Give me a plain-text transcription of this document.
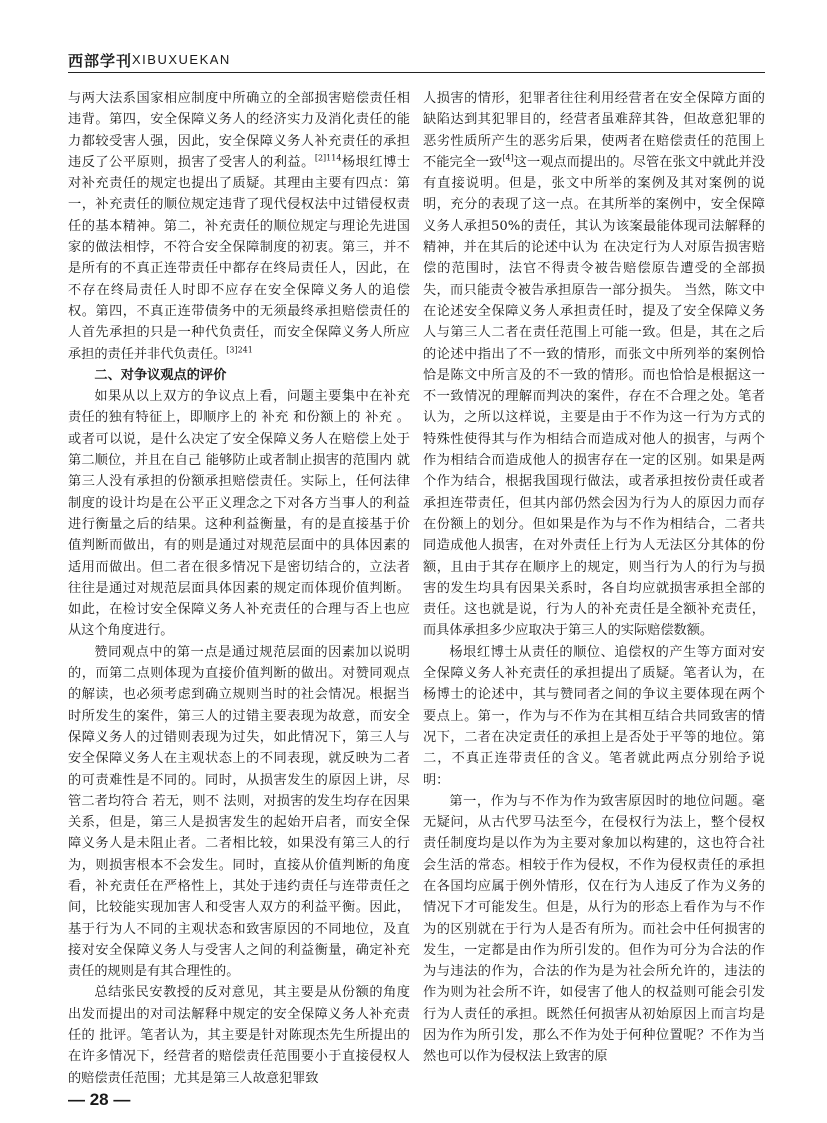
西部学刊 XIBUXUEKAN

与两大法系国家相应制度中所确立的全部损害赔偿责任相违背。第四，安全保障义务人的经济实力及消化责任的能力都较受害人强，因此，安全保障义务人补充责任的承担违反了公平原则，损害了受害人的利益。$^{[2]114}$杨垠红博士对补充责任的规定也提出了质疑。其理由主要有四点：第一，补充责任的顺位规定违背了现代侵权法中过错侵权责任的基本精神。第二，补充责任的顺位规定与理论先进国家的做法相悖，不符合安全保障制度的初衷。第三，并不是所有的不真正连带责任中都存在终局责任人，因此，在不存在终局责任人时即不应存在安全保障义务人的追偿权。第四，不真正连带债务中的无须最终承担赔偿责任的人首先承担的只是一种代负责任，而安全保障义务人所应承担的责任并非代负责任。$^{[3]241}$

二、对争议观点的评价

如果从以上双方的争议点上看，问题主要集中在补充责任的独有特征上，即顺序上的 补充 和份额上的 补充 。或者可以说，是什么决定了安全保障义务人在赔偿上处于第二顺位，并且在自己 能够防止或者制止损害的范围内 就第三人没有承担的份额承担赔偿责任。实际上，任何法律制度的设计均是在公平正义理念之下对各方当事人的利益进行衡量之后的结果。这种利益衡量，有的是直接基于价值判断而做出，有的则是通过对规范层面中的具体因素的适用而做出。但二者在很多情况下是密切结合的，立法者往往是通过对规范层面具体因素的规定而体现价值判断。如此，在检讨安全保障义务人补充责任的合理与否上也应从这个角度进行。

赞同观点中的第一点是通过规范层面的因素加以说明的，而第二点则体现为直接价值判断的做出。对赞同观点的解读，也必须考虑到确立规则当时的社会情况。根据当时所发生的案件，第三人的过错主要表现为故意，而安全保障义务人的过错则表现为过失，如此情况下，第三人与安全保障义务人在主观状态上的不同表现，就反映为二者的可责难性是不同的。同时，从损害发生的原因上讲，尽管二者均符合 若无，则不 法则，对损害的发生均存在因果关系，但是，第三人是损害发生的起始开启者，而安全保障义务人是未阻止者。二者相比较，如果没有第三人的行为，则损害根本不会发生。同时，直接从价值判断的角度看，补充责任在严格性上，其处于违约责任与连带责任之间，比较能实现加害人和受害人双方的利益平衡。因此，基于行为人不同的主观状态和致害原因的不同地位，及直接对安全保障义务人与受害人之间的利益衡量，确定补充责任的规则是有其合理性的。

总结张民安教授的反对意见，其主要是从份额的角度出发而提出的对司法解释中规定的安全保障义务人补充责任的 批评。笔者认为，其主要是针对陈现杰先生所提出的 在许多情况下，经营者的赔偿责任范围要小于直接侵权人的赔偿责任范围；尤其是第三人故意犯罪致

人损害的情形，犯罪者往往利用经营者在安全保障方面的缺陷达到其犯罪目的，经营者虽难辞其咎，但故意犯罪的恶劣性质所产生的恶劣后果，使两者在赔偿责任的范围上不能完全一致[4]这一观点而提出的。尽管在张文中就此并没有直接说明。但是，张文中所举的案例及其对案例的说明，充分的表现了这一点。在其所举的案例中，安全保障义务人承担50%的责任，其认为该案最能体现司法解释的精神，并在其后的论述中认为 在决定行为人对原告损害赔偿的范围时，法官不得责令被告赔偿原告遭受的全部损失，而只能责令被告承担原告一部分损失。 当然，陈文中在论述安全保障义务人承担责任时，提及了安全保障义务人与第三人二者在责任范围上可能一致。但是，其在之后的论述中指出了不一致的情形，而张文中所列举的案例恰恰是陈文中所言及的不一致的情形。而也恰恰是根据这一不一致情况的理解而判决的案件，存在不合理之处。笔者认为，之所以这样说，主要是由于不作为这一行为方式的特殊性使得其与作为相结合而造成对他人的损害，与两个作为相结合而造成他人的损害存在一定的区别。如果是两个作为结合，根据我国现行做法，或者承担按份责任或者承担连带责任，但其内部仍然会因为行为人的原因力而存在份额上的划分。但如果是作为与不作为相结合，二者共同造成他人损害，在对外责任上行为人无法区分其体的份额，且由于其存在顺序上的规定，则当行为人的行为与损害的发生均具有因果关系时，各自均应就损害承担全部的责任。这也就是说，行为人的补充责任是全额补充责任，而具体承担多少应取决于第三人的实际赔偿数额。

杨垠红博士从责任的顺位、追偿权的产生等方面对安全保障义务人补充责任的承担提出了质疑。笔者认为，在杨博士的论述中，其与赞同者之间的争议主要体现在两个要点上。第一，作为与不作为在其相互结合共同致害的情况下，二者在决定责任的承担上是否处于平等的地位。第二，不真正连带责任的含义。笔者就此两点分别给予说明：

第一，作为与不作为作为致害原因时的地位问题。毫无疑问，从古代罗马法至今，在侵权行为法上，整个侵权责任制度均是以作为为主要对象加以构建的，这也符合社会生活的常态。相较于作为侵权，不作为侵权责任的承担在各国均应属于例外情形，仅在行为人违反了作为义务的情况下才可能发生。但是，从行为的形态上看作为与不作为的区别就在于行为人是否有所为。而社会中任何损害的发生，一定都是由作为所引发的。但作为可分为合法的作为与违法的作为，合法的作为是为社会所允许的，违法的作为则为社会所不许，如侵害了他人的权益则可能会引发行为人责任的承担。既然任何损害从初始原因上而言均是因为作为所引发，那么不作为处于何种位置呢？不作为当然也可以作为侵权法上致害的原

— 28 —
